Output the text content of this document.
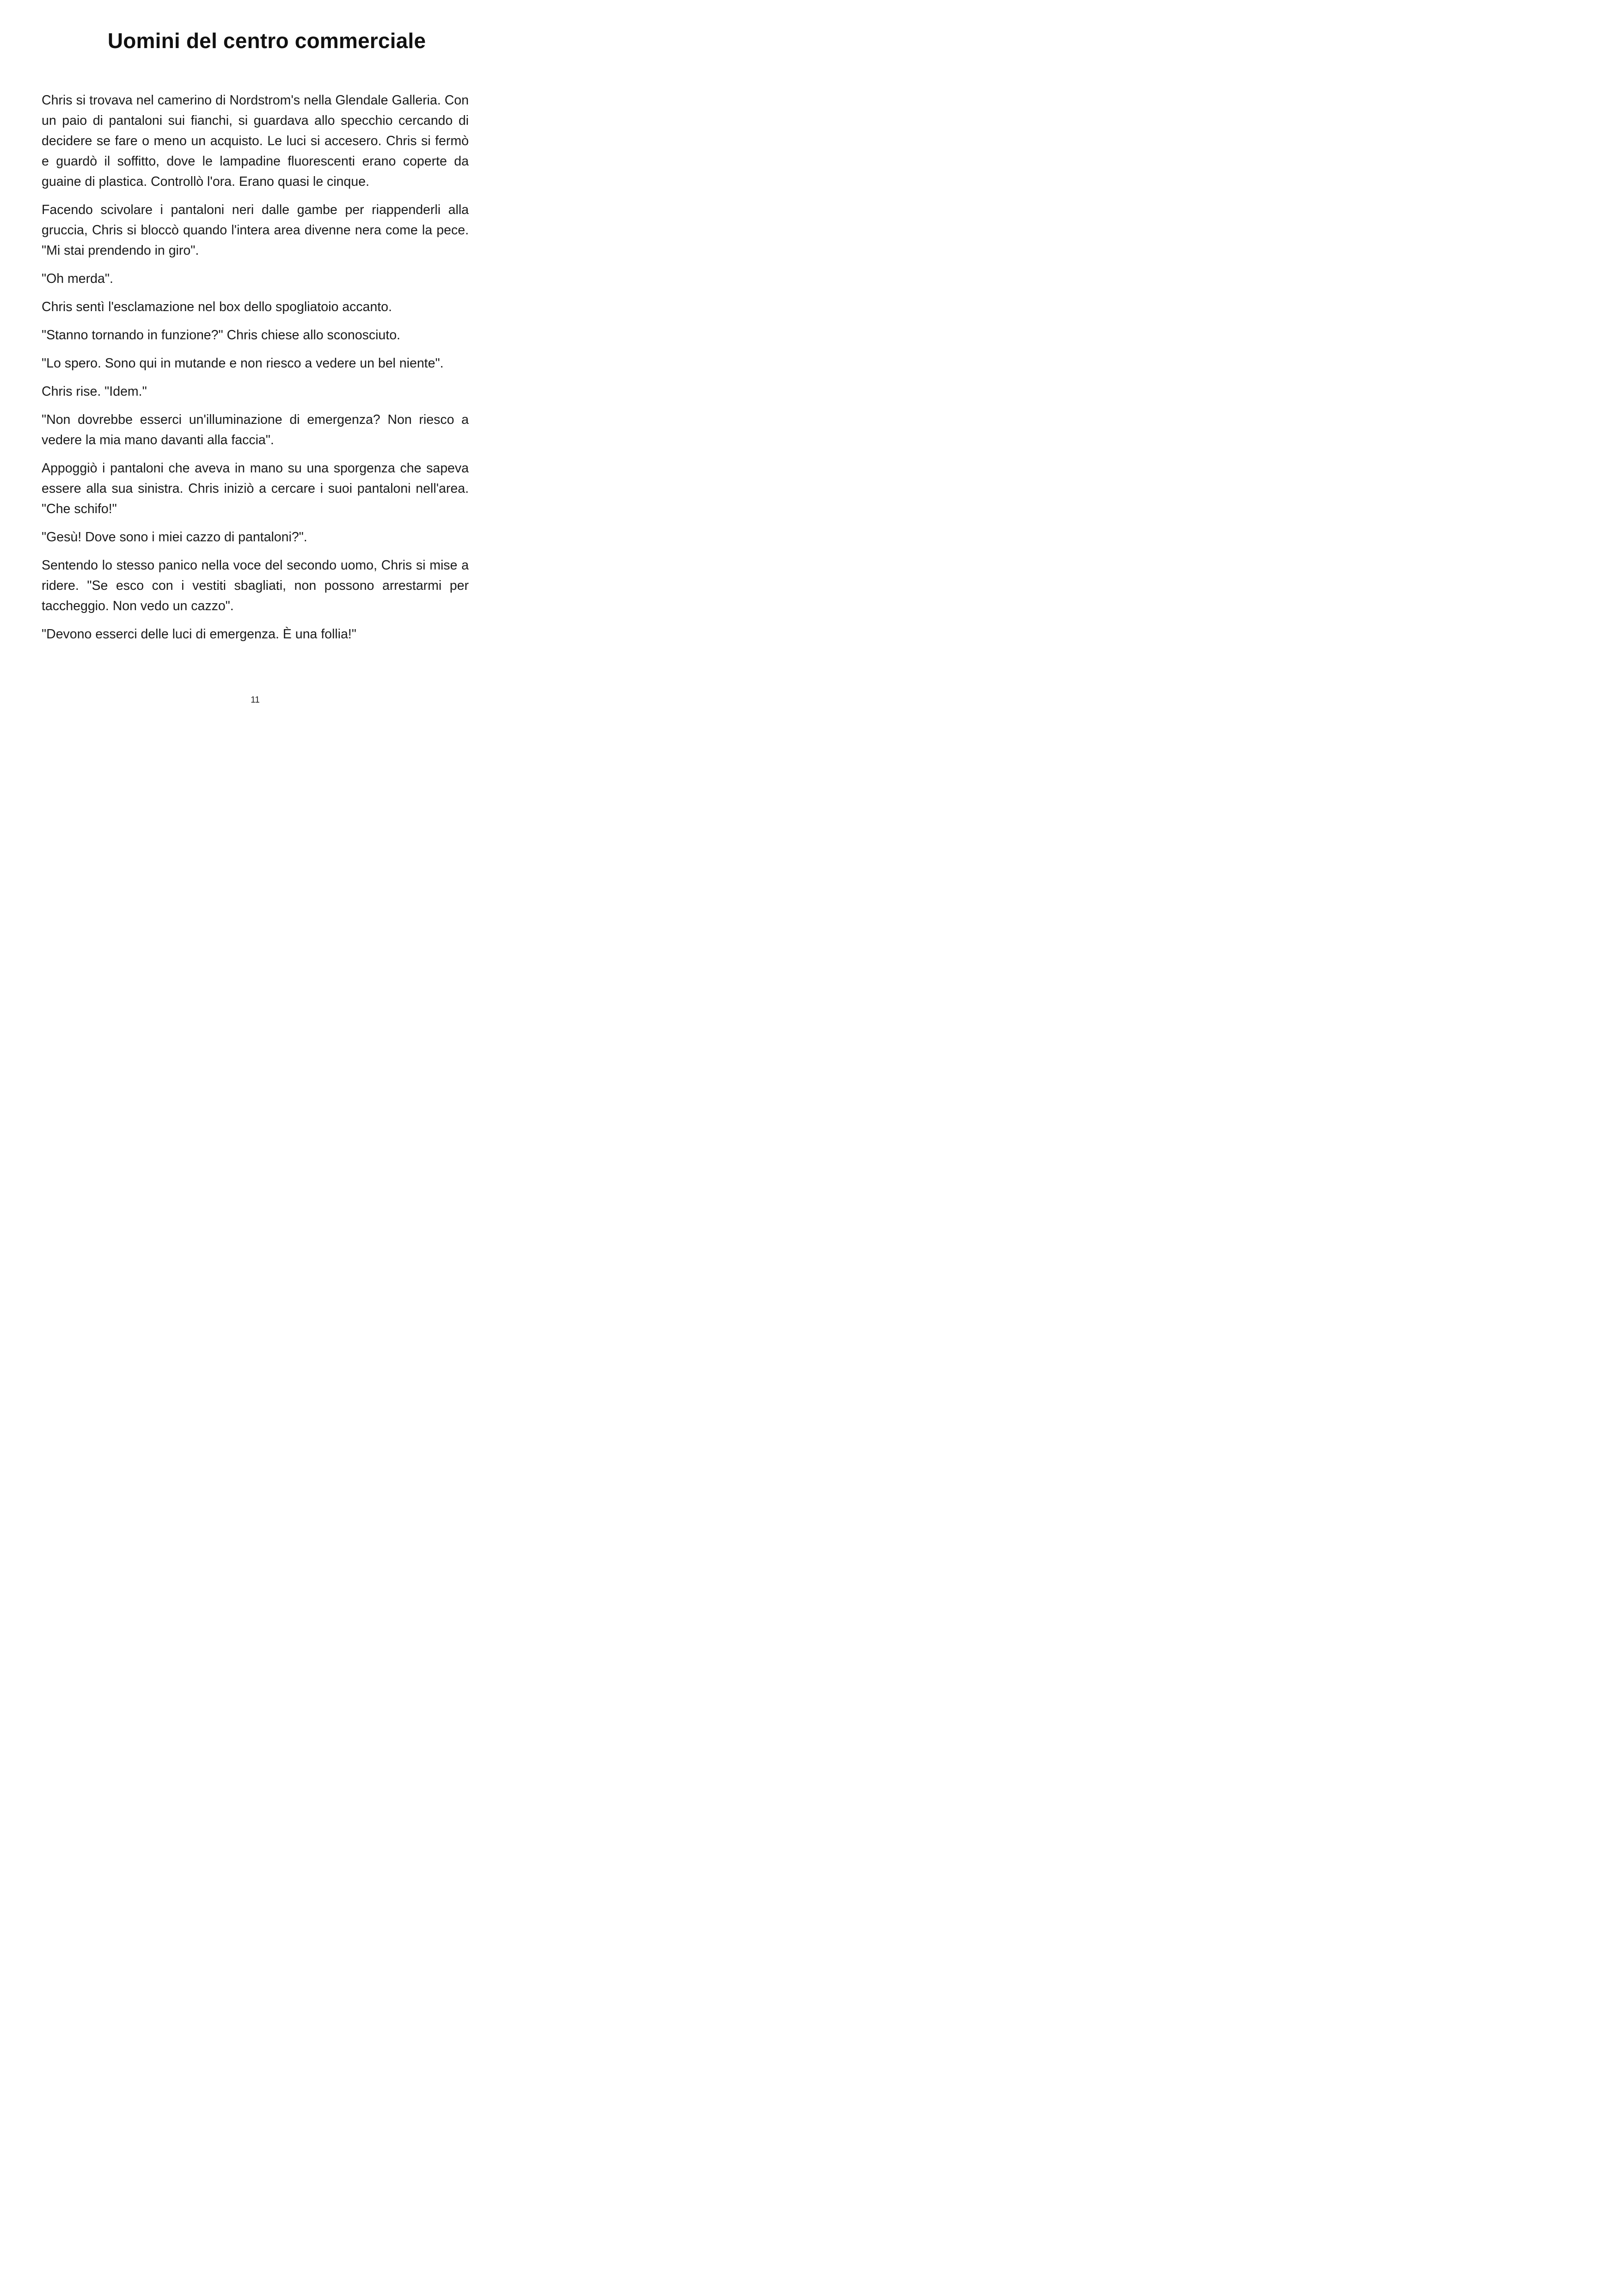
Uomini del centro commerciale

Chris si trovava nel camerino di Nordstrom's nella Glendale Galleria. Con un paio di pantaloni sui fianchi, si guardava allo specchio cercando di decidere se fare o meno un acquisto. Le luci si accesero. Chris si fermò e guardò il soffitto, dove le lampadine fluorescenti erano coperte da guaine di plastica. Controllò l'ora. Erano quasi le cinque.

Facendo scivolare i pantaloni neri dalle gambe per riappenderli alla gruccia, Chris si bloccò quando l'intera area divenne nera come la pece. "Mi stai prendendo in giro".

"Oh merda".

Chris sentì l'esclamazione nel box dello spogliatoio accanto.

"Stanno tornando in funzione?" Chris chiese allo sconosciuto.

"Lo spero. Sono qui in mutande e non riesco a vedere un bel niente".

Chris rise. "Idem."

"Non dovrebbe esserci un'illuminazione di emergenza? Non riesco a vedere la mia mano davanti alla faccia".

Appoggiò i pantaloni che aveva in mano su una sporgenza che sapeva essere alla sua sinistra. Chris iniziò a cercare i suoi pantaloni nell'area. "Che schifo!"

"Gesù! Dove sono i miei cazzo di pantaloni?".

Sentendo lo stesso panico nella voce del secondo uomo, Chris si mise a ridere. "Se esco con i vestiti sbagliati, non possono arrestarmi per taccheggio. Non vedo un cazzo".

"Devono esserci delle luci di emergenza. È una follia!"

11
